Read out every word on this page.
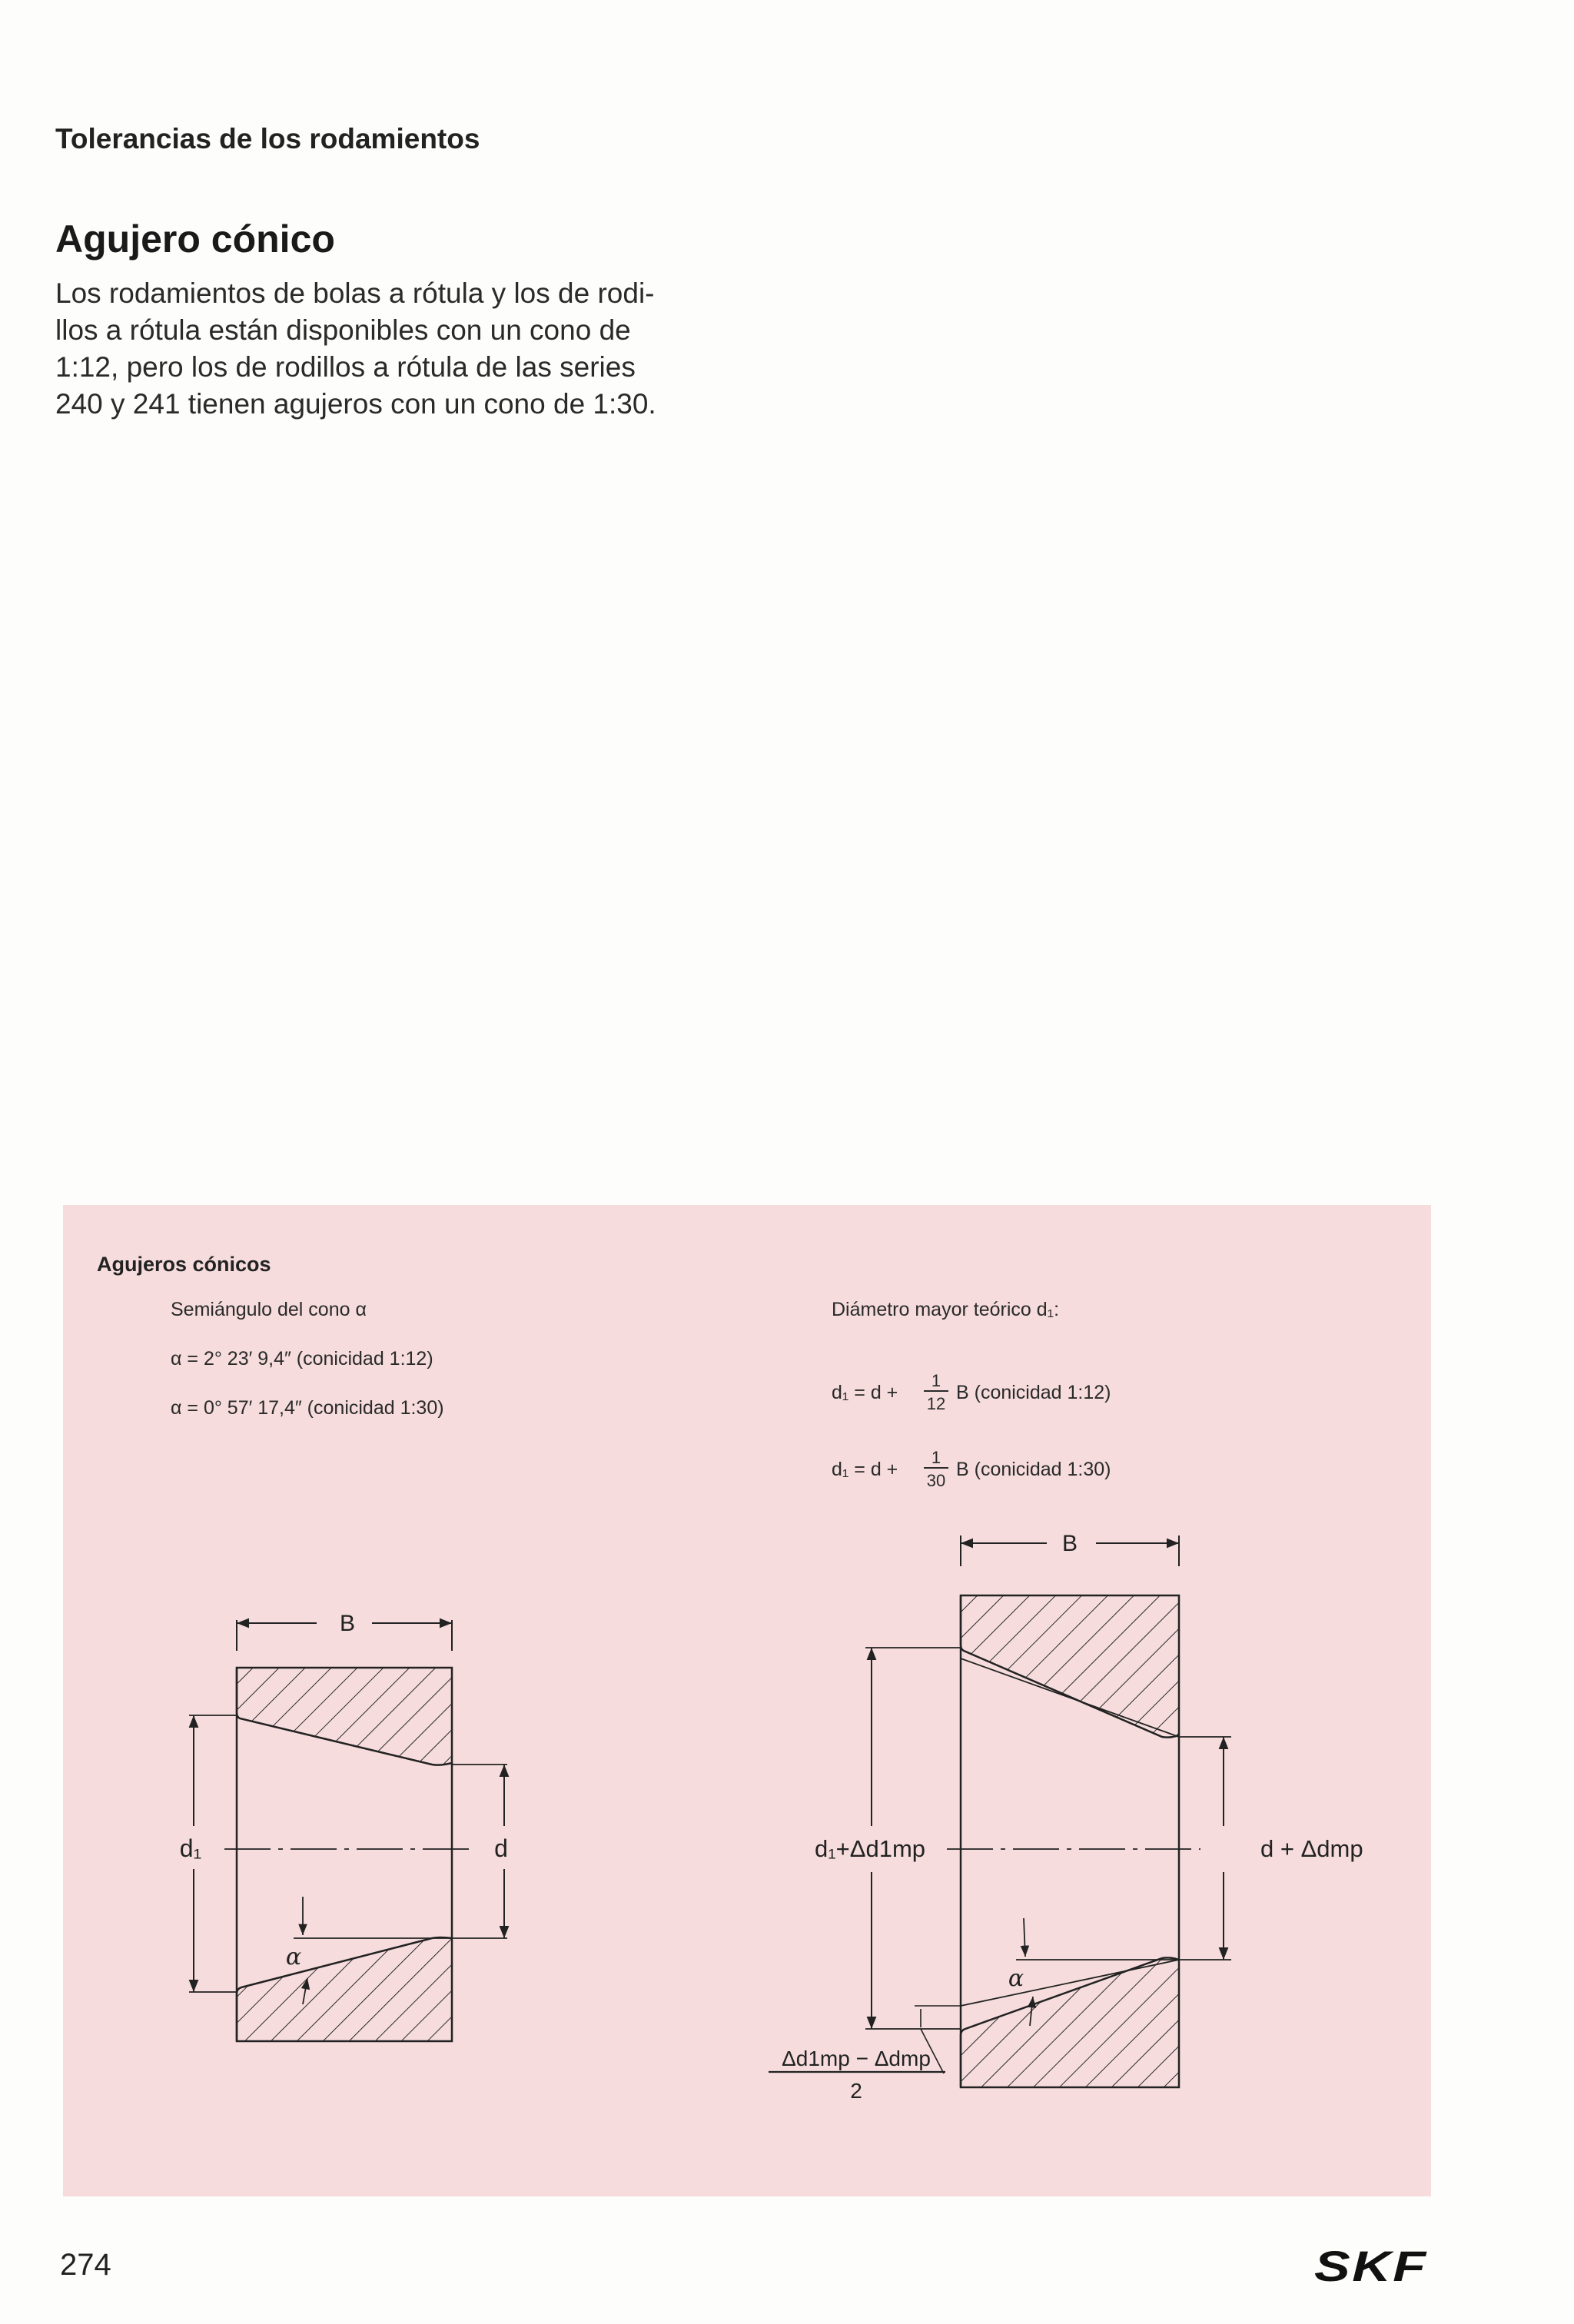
Tolerancias de los rodamientos
Agujero cónico
Los rodamientos de bolas a rótula y los de rodi-
llos a rótula están disponibles con un cono de
1:12, pero los de rodillos a rótula de las series
240 y 241 tienen agujeros con un cono de 1:30.
Agujeros cónicos
Semiángulo del cono α
α = 2° 23′ 9,4″ (conicidad 1:12)
α = 0° 57′ 17,4″ (conicidad 1:30)
Diámetro mayor teórico d₁:
d₁ = d +
1
12
B (conicidad 1:12)
d₁ = d +
1
30
B (conicidad 1:30)
B
d₁	d
α
B
d₁+Δd1mp	d + Δdmp
α
Δd1mp − Δdmp
2
274	SKF
